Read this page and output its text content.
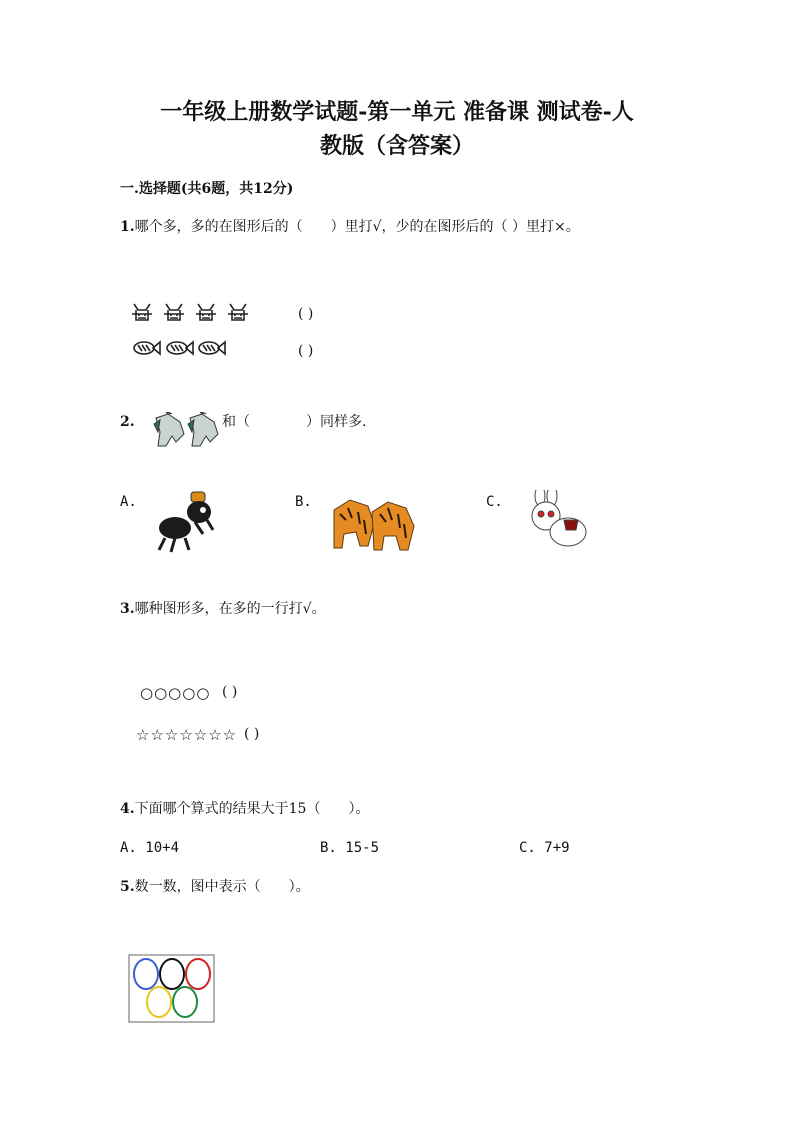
一年级上册数学试题-第一单元 准备课 测试卷-人
教版（含答案）
一.选择题(共6题，共12分)
1.哪个多，多的在图形后的（　　）里打√，少的在图形后的（ ）里打×。
( )
( )
2.	和（　　　　）同样多.
A.	B.	C.
3.哪种图形多，在多的一行打√。
○○○○○ ( )
☆☆☆☆☆☆☆ ( )
4.下面哪个算式的结果大于15（　　）。
A. 10+4	B. 15-5	C. 7+9
5.数一数，图中表示（　　）。
